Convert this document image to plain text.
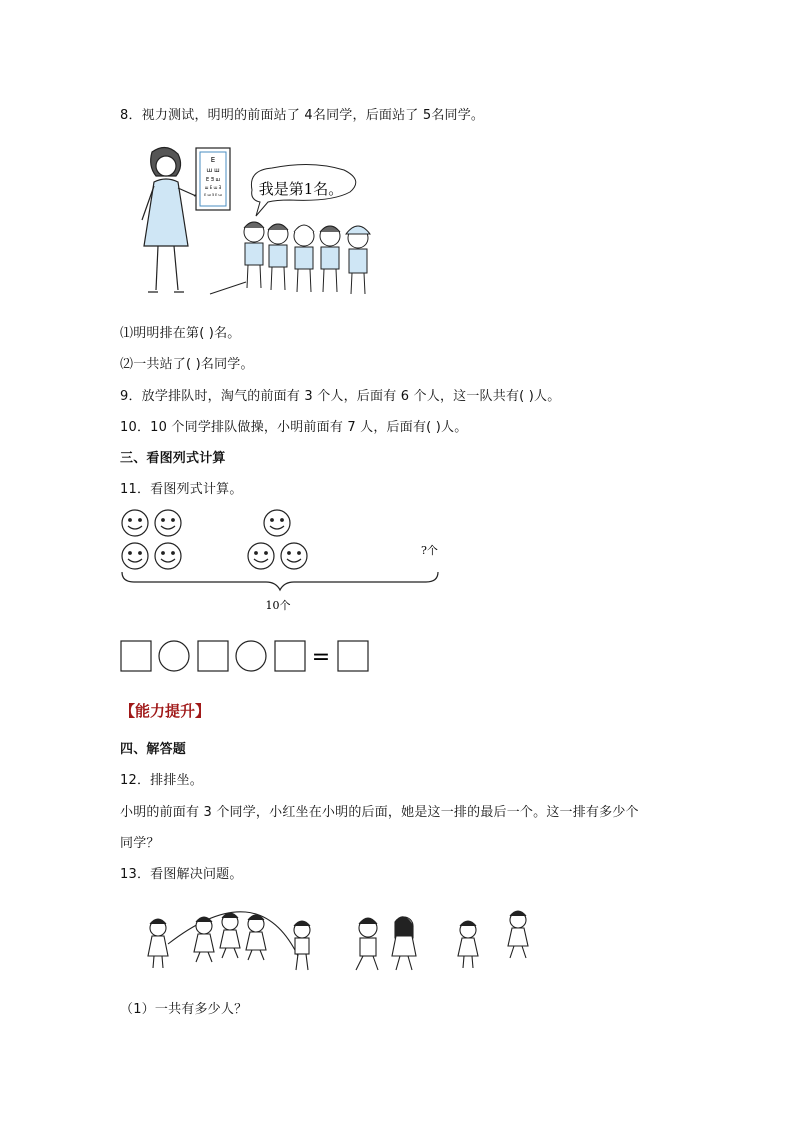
8．视力测试，明明的前面站了 4名同学，后面站了 5名同学。
E
ɯ ш
E Ǝ ш
ш E ɯ Ǝ
E ш Ǝ E ɯ 我是第1名。
⑴明明排在第( )名。
⑵一共站了( )名同学。
9．放学排队时，淘气的前面有 3 个人，后面有 6 个人，这一队共有( )人。
10．10 个同学排队做操，小明前面有 7 人，后面有( )人。
三、看图列式计算
11．看图列式计算。
?个
10个
=
【能力提升】
四、解答题
12．排排坐。
小明的前面有 3 个同学，小红坐在小明的后面，她是这一排的最后一个。这一排有多少个
同学？
13．看图解决问题。
（1）一共有多少人？
